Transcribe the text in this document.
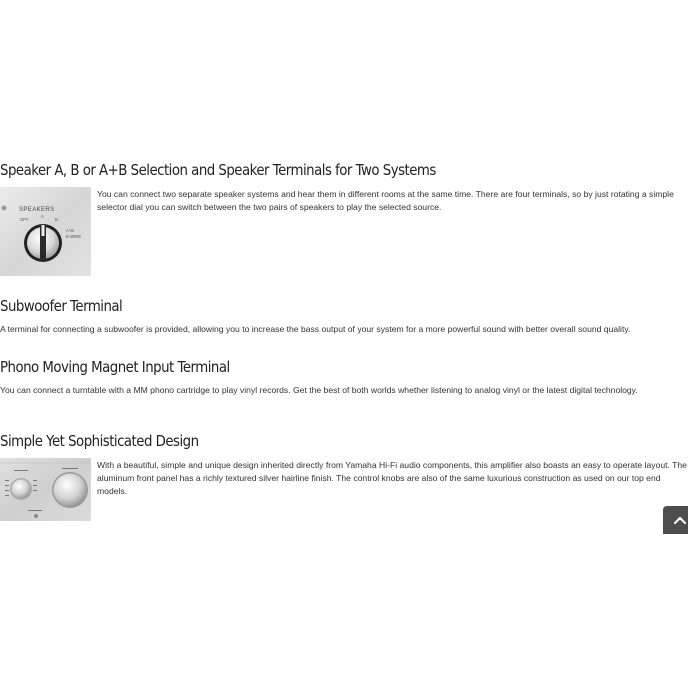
Speaker A, B or A+B Selection and Speaker Terminals for Two Systems
SPEAKERS
OFF
A
B
A+B
B-WIRE

You can connect two separate speaker systems and hear them in different rooms at the same time. There are four terminals, so by just rotating a simple selector dial you can switch between the two pairs of speakers to play the selected source.

Subwoofer Terminal

A terminal for connecting a subwoofer is provided, allowing you to increase the bass output of your system for a more powerful sound with better overall sound quality.

Phono Moving Magnet Input Terminal

You can connect a turntable with a MM phono cartridge to play vinyl records. Get the best of both worlds whether listening to analog vinyl or the latest digital technology.

Simple Yet Sophisticated Design

With a beautiful, simple and unique design inherited directly from Yamaha Hi-Fi audio components, this amplifier also boasts an easy to operate layout. The aluminum front panel has a richly textured silver hairline finish. The control knobs are also of the same luxurious construction as used on our top end models.
